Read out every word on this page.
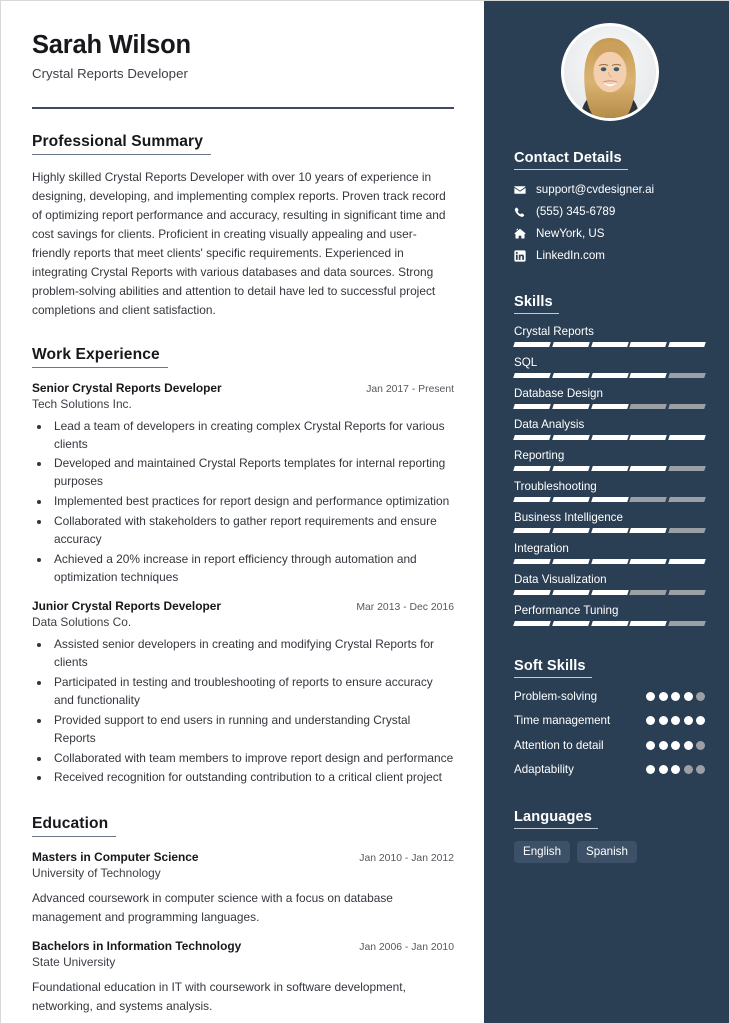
Sarah Wilson
Crystal Reports Developer
Professional Summary
Highly skilled Crystal Reports Developer with over 10 years of experience in designing, developing, and implementing complex reports. Proven track record of optimizing report performance and accuracy, resulting in significant time and cost savings for clients. Proficient in creating visually appealing and user-friendly reports that meet clients' specific requirements. Experienced in integrating Crystal Reports with various databases and data sources. Strong problem-solving abilities and attention to detail have led to successful project completions and client satisfaction.
Work Experience
Senior Crystal Reports Developer	Jan 2017 - Present
Tech Solutions Inc.
• Lead a team of developers in creating complex Crystal Reports for various clients
• Developed and maintained Crystal Reports templates for internal reporting purposes
• Implemented best practices for report design and performance optimization
• Collaborated with stakeholders to gather report requirements and ensure accuracy
• Achieved a 20% increase in report efficiency through automation and optimization techniques
Junior Crystal Reports Developer	Mar 2013 - Dec 2016
Data Solutions Co.
• Assisted senior developers in creating and modifying Crystal Reports for clients
• Participated in testing and troubleshooting of reports to ensure accuracy and functionality
• Provided support to end users in running and understanding Crystal Reports
• Collaborated with team members to improve report design and performance
• Received recognition for outstanding contribution to a critical client project
Education
Masters in Computer Science	Jan 2010 - Jan 2012
University of Technology
Advanced coursework in computer science with a focus on database management and programming languages.
Bachelors in Information Technology	Jan 2006 - Jan 2010
State University
Foundational education in IT with coursework in software development, networking, and systems analysis.
Contact Details
support@cvdesigner.ai
(555) 345-6789
NewYork, US
LinkedIn.com
Skills
Crystal Reports
SQL
Database Design
Data Analysis
Reporting
Troubleshooting
Business Intelligence
Integration
Data Visualization
Performance Tuning
Soft Skills
Problem-solving
Time management
Attention to detail
Adaptability
Languages
English	Spanish
